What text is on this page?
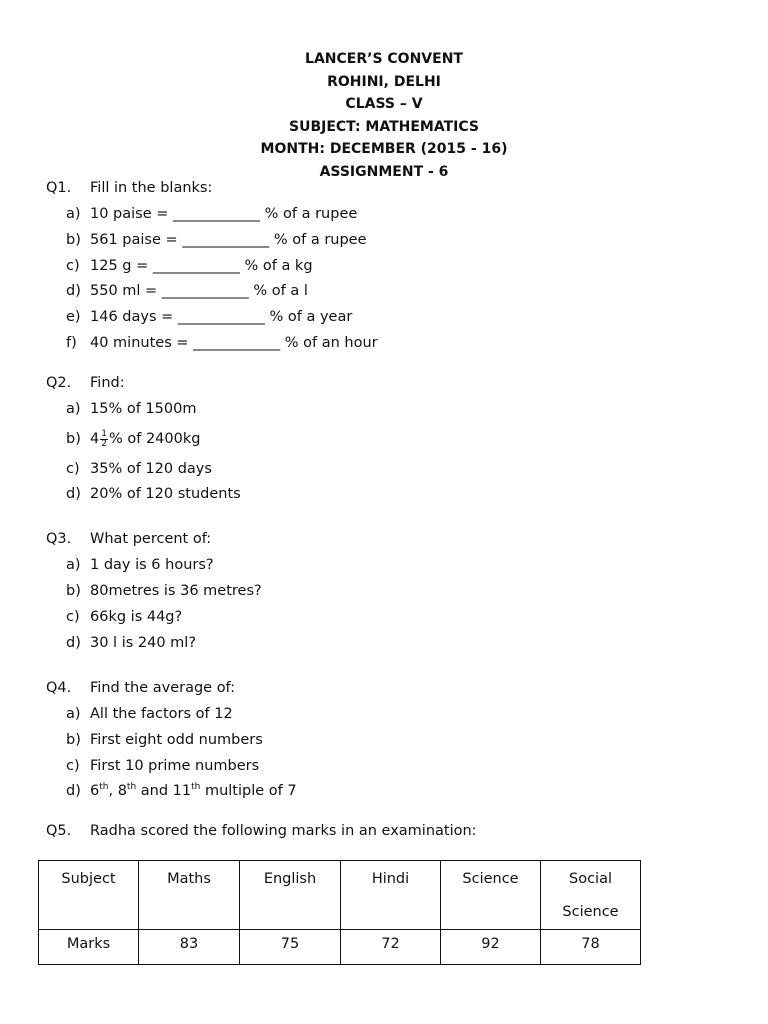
LANCER’S CONVENT
ROHINI, DELHI
CLASS – V
SUBJECT: MATHEMATICS
MONTH: DECEMBER (2015 - 16)
ASSIGNMENT - 6
Q1. Fill in the blanks:
a) 10 paise = ____________ % of a rupee
b) 561 paise = ____________ % of a rupee
c) 125 g = ____________ % of a kg
d) 550 ml = ____________ % of a l
e) 146 days = ____________ % of a year
f) 40 minutes = ____________ % of an hour
Q2. Find:
a) 15% of 1500m
b) $4 \frac{1}{2}$ % of 2400kg
c) 35% of 120 days
d) 20% of 120 students
Q3. What percent of:
a) 1 day is 6 hours?
b) 80metres is 36 metres?
c) 66kg is 44g?
d) 30 l is 240 ml?
Q4. Find the average of:
a) All the factors of 12
b) First eight odd numbers
c) First 10 prime numbers
d) 6th, 8th and 11th multiple of 7
Q5. Radha scored the following marks in an examination:
Subject	Maths	English	Hindi	Science	Social Science
Marks	83	75	72	92	78
